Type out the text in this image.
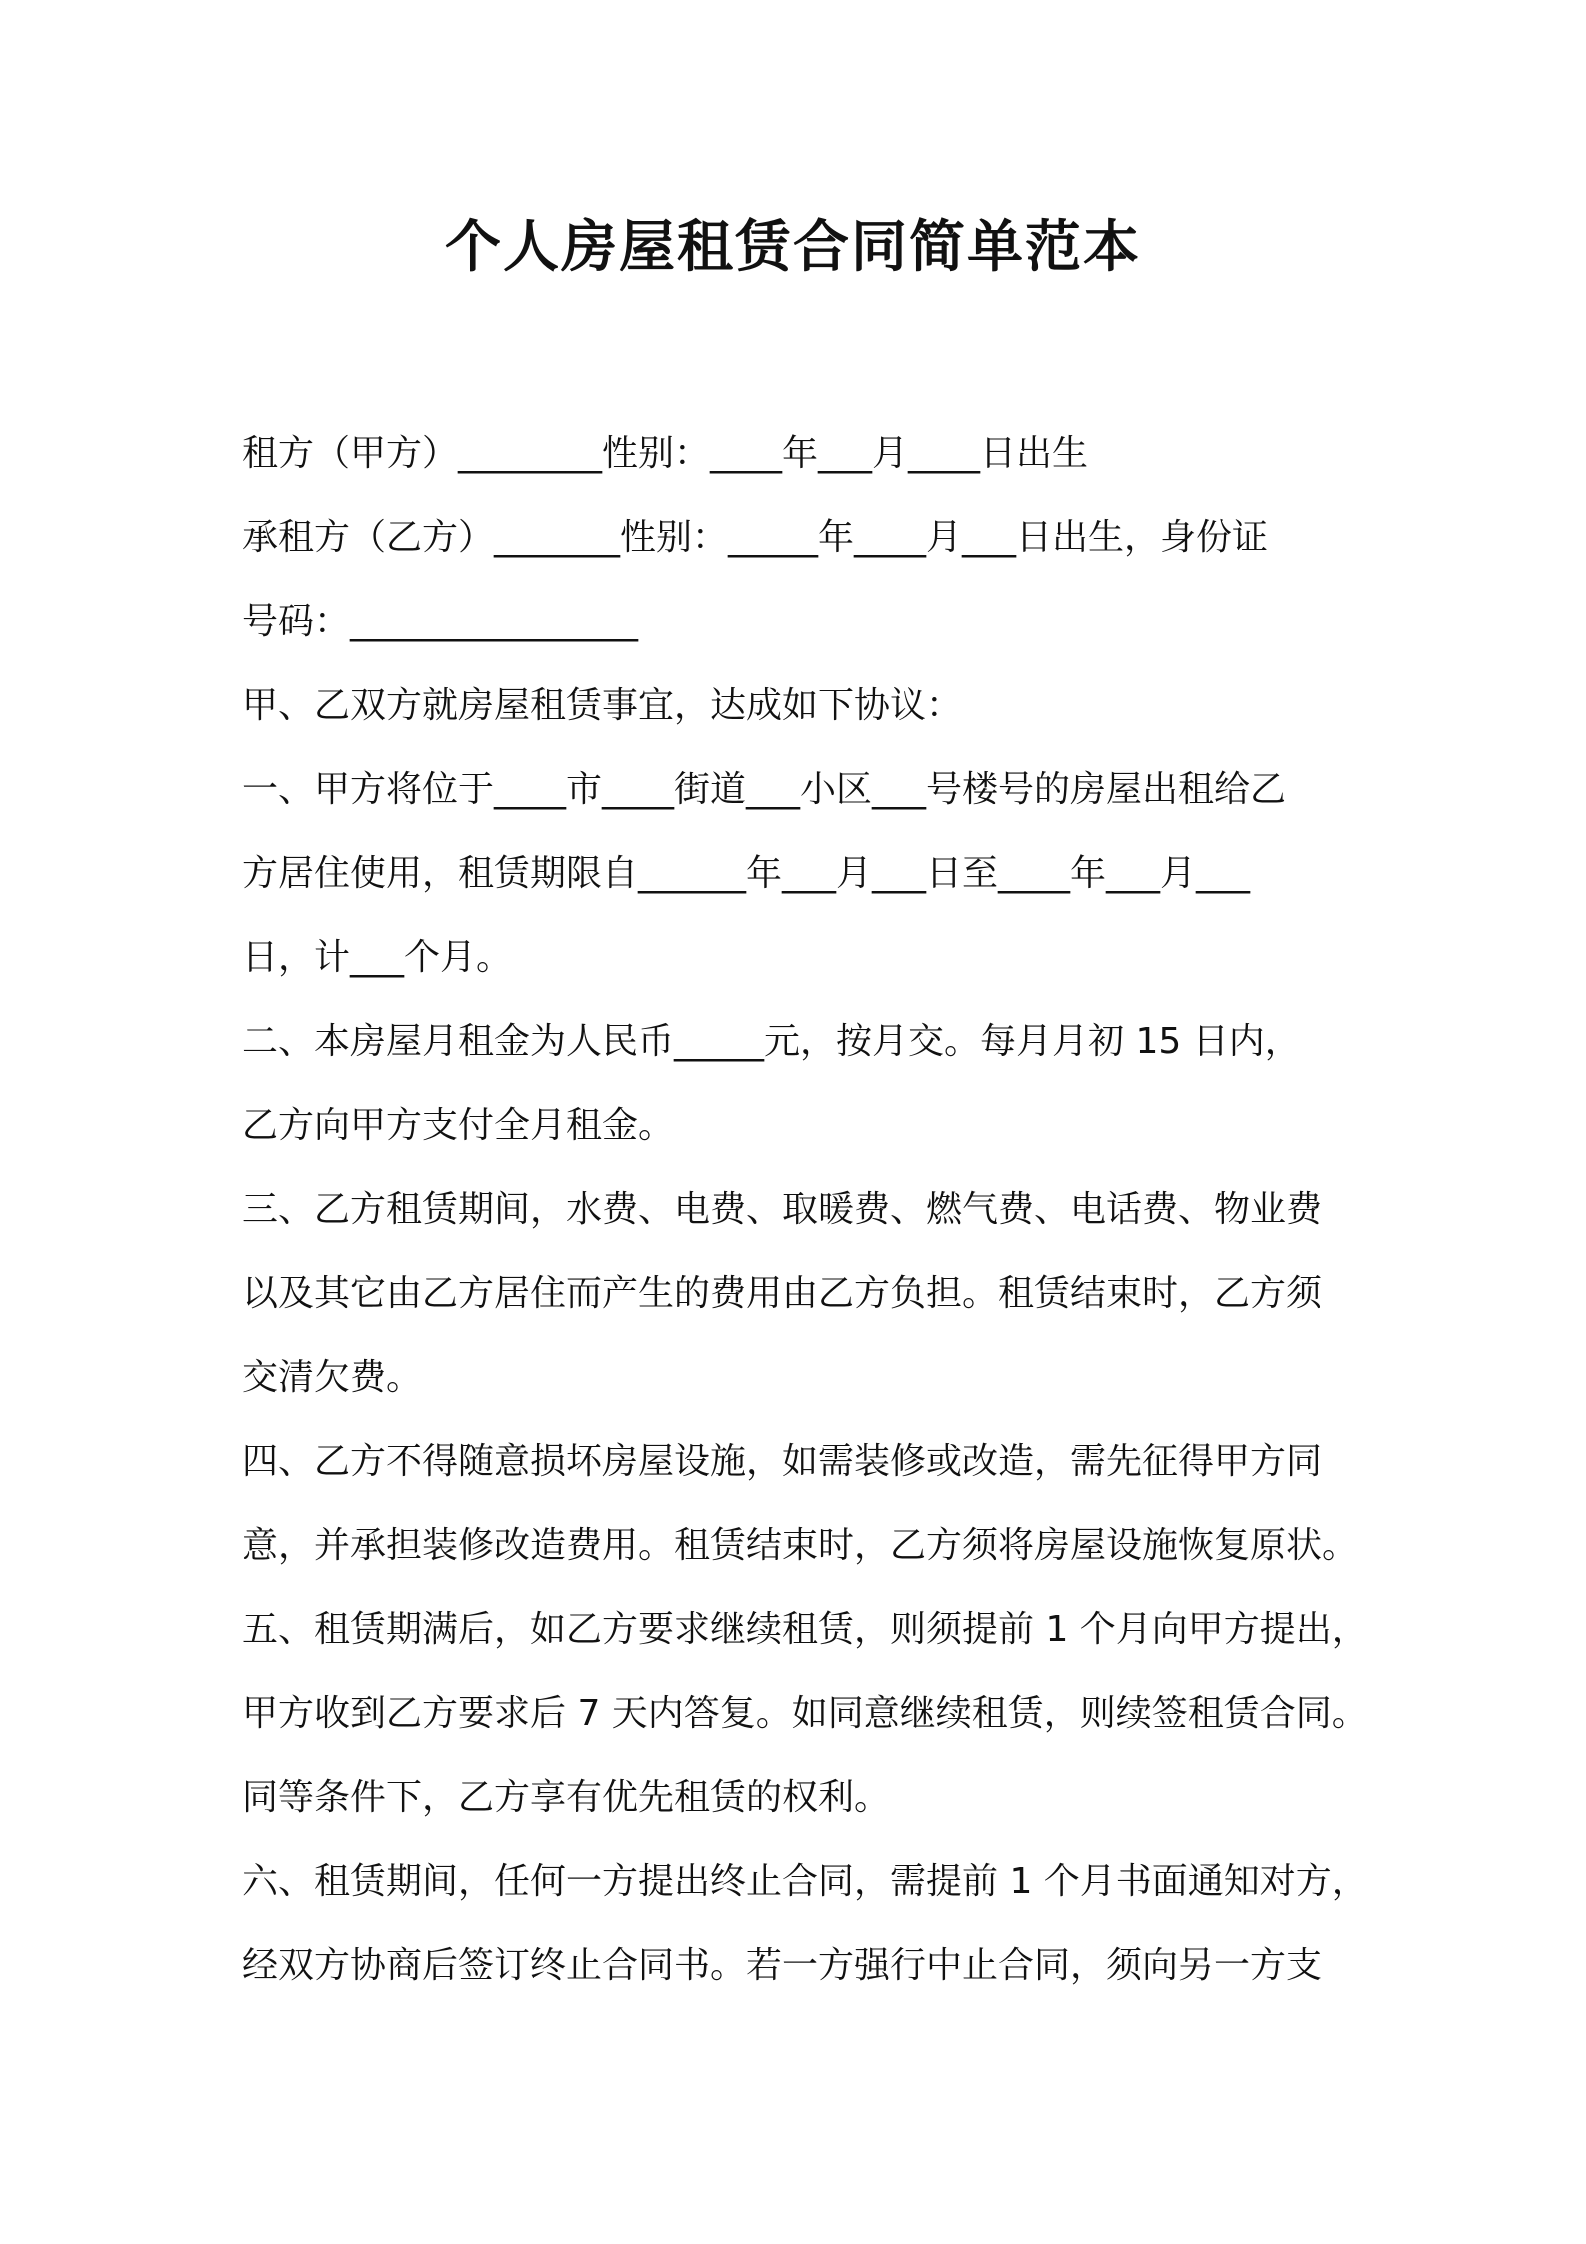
个人房屋租赁合同简单范本
租方（甲方）________性别：____年___月____日出生
承租方（乙方）_______性别：_____年____月___日出生，身份证
号码：________________
甲、乙双方就房屋租赁事宜，达成如下协议：
一、甲方将位于____市____街道___小区___号楼号的房屋出租给乙
方居住使用，租赁期限自______年___月___日至____年___月___
日，计___个月。
二、本房屋月租金为人民币_____元，按月交。每月月初 15 日内，
乙方向甲方支付全月租金。
三、乙方租赁期间，水费、电费、取暖费、燃气费、电话费、物业费
以及其它由乙方居住而产生的费用由乙方负担。租赁结束时，乙方须
交清欠费。
四、乙方不得随意损坏房屋设施，如需装修或改造，需先征得甲方同
意，并承担装修改造费用。租赁结束时，乙方须将房屋设施恢复原状。
五、租赁期满后，如乙方要求继续租赁，则须提前 1 个月向甲方提出，
甲方收到乙方要求后 7 天内答复。如同意继续租赁，则续签租赁合同。
同等条件下，乙方享有优先租赁的权利。
六、租赁期间，任何一方提出终止合同，需提前 1 个月书面通知对方，
经双方协商后签订终止合同书。若一方强行中止合同，须向另一方支
